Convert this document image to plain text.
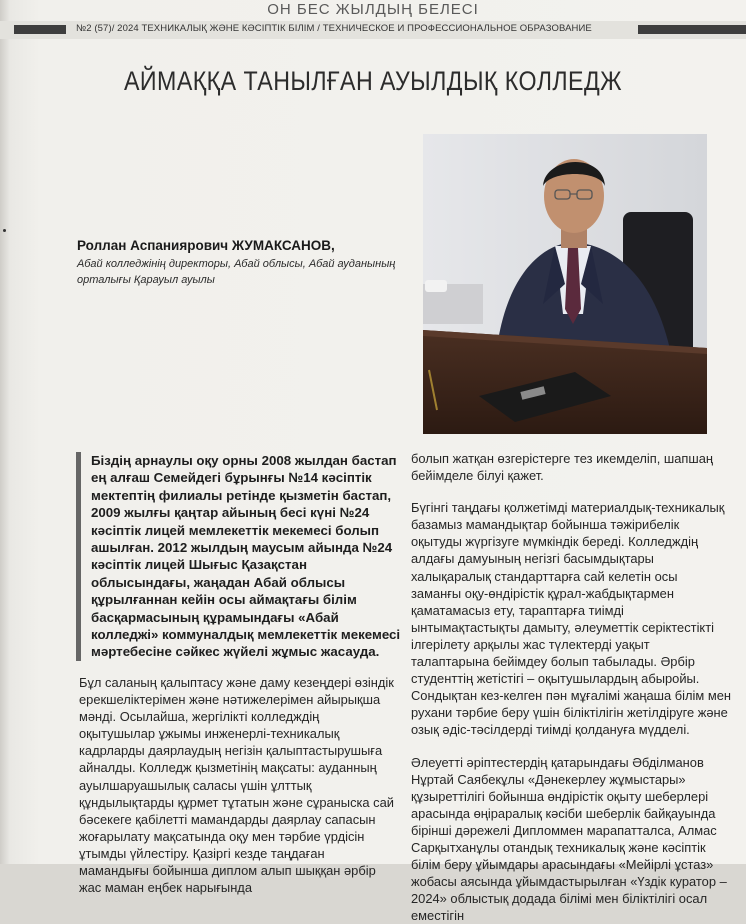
ОН БЕС ЖЫЛДЫҢ БЕЛЕСІ
№2 (57)/ 2024 ТЕХНИКАЛЫҚ ЖӘНЕ КӘСІПТІК БІЛІМ / ТЕХНИЧЕСКОЕ И ПРОФЕССИОНАЛЬНОЕ ОБРАЗОВАНИЕ
АЙМАҚҚА ТАНЫЛҒАН АУЫЛДЫҚ КОЛЛЕДЖ
Роллан Аспаниярович ЖУМАКСАНОВ,
Абай колледжінің директоры, Абай облысы, Абай ауданының орталығы Қарауыл ауылы
Біздің арнаулы оқу орны 2008 жылдан бастап ең алғаш Семейдегі бұрынғы №14 кәсіптік мектептің филиалы ретінде қызметін бастап, 2009 жылғы қаңтар айының бесі күні №24 кәсіптік лицей мемлекеттік мекемесі болып ашылған. 2012 жылдың маусым айында №24 кәсіптік лицей Шығыс Қазақстан облысындағы, жаңадан Абай облысы құрылғаннан кейін осы аймақтағы білім басқармасының құрамындағы «Абай колледжі» коммуналдық мемлекеттік мекемесі мәртебесіне сәйкес жүйелі жұмыс жасауда.

Бұл саланың қалыптасу және даму кезеңдері өзіндік ерекшеліктерімен және нәтижелерімен айырықша мәнді. Осылайша, жергілікті колледждің оқытушылар ұжымы инженерлі-техникалық кадрларды даярлаудың негізін қалыптастырушыға айналды. Колледж қызметінің мақсаты: ауданның ауылшаруашылық саласы үшін ұлттық құндылықтарды құрмет тұтатын және сұраныска сай бәсекеге қабілетті мамандарды даярлау сапасын жоғарылату мақсатында оқу мен тәрбие үрдісін ұтымды үйлестіру. Қазіргі кезде таңдаған мамандығы бойынша диплом алып шыққан әрбір жас маман еңбек нарығында

болып жатқан өзгерістерге тез икемделіп, шапшаң бейімделе білуі қажет.

Бүгінгі таңдағы қолжетімді материалдық-техникалық базамыз мамандықтар бойынша тәжірибелік оқытуды жүргізуге мүмкіндік береді. Колледждің алдағы дамуының негізгі басымдықтары халықаралық стандарттарға сай келетін осы заманғы оқу-өндірістік құрал-жабдықтармен қаматамасыз ету, тараптарға тиімді ынтымақтастықты дамыту, әлеуметтік серіктестікті ілгерілету арқылы жас түлектерді уақыт талаптарына бейімдеу болып табылады. Әрбір студенттің жетістігі – оқытушылардың абыройы. Сондықтан кез-келген пән мұғалімі жаңаша білім мен рухани тәрбие беру үшін біліктілігін жетілдіруге және озық әдіс-тәсілдерді тиімді қолдануға мүдделі.

Әлеуетті әріптестердің қатарындағы Әбділманов Нұртай Саябекұлы «Дәнекерлеу жұмыстары» құзыреттілігі бойынша өндірістік оқыту шеберлері арасында өңіраралық кәсіби шеберлік байқауында бірінші дәрежелі Дипломмен марапатталса, Алмас Сарқытханұлы отандық техникалық және кәсіптік білім беру ұйымдары арасындағы «Мейірлі ұстаз» жобасы аясында ұйымдастырылған «Үздік куратор – 2024» облыстық додада білімі мен біліктілігі осал еместігін
